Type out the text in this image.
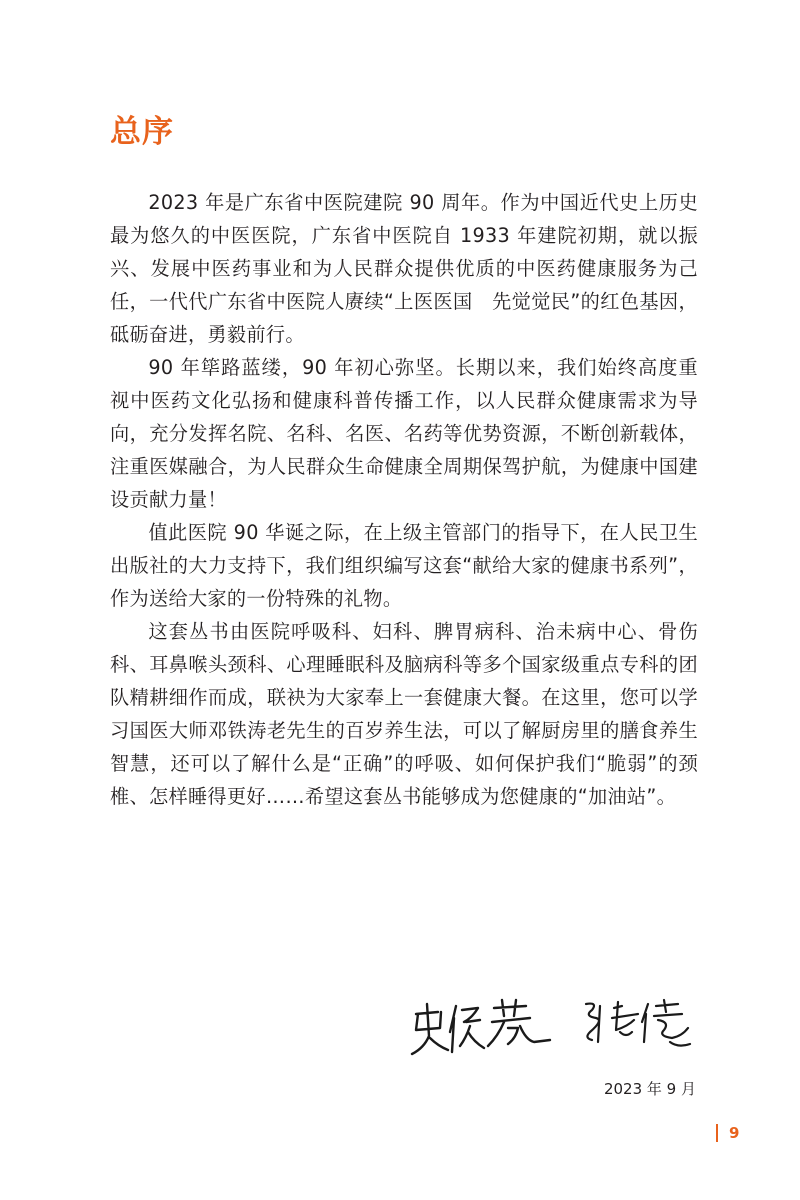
总序

2023 年是广东省中医院建院 90 周年。作为中国近代史上历史最为悠久的中医医院，广东省中医院自 1933 年建院初期，就以振兴、发展中医药事业和为人民群众提供优质的中医药健康服务为己任，一代代广东省中医院人赓续“上医医国　先觉觉民”的红色基因，砥砺奋进，勇毅前行。

90 年筚路蓝缕，90 年初心弥坚。长期以来，我们始终高度重视中医药文化弘扬和健康科普传播工作，以人民群众健康需求为导向，充分发挥名院、名科、名医、名药等优势资源，不断创新载体，注重医媒融合，为人民群众生命健康全周期保驾护航，为健康中国建设贡献力量！

值此医院 90 华诞之际，在上级主管部门的指导下，在人民卫生出版社的大力支持下，我们组织编写这套“献给大家的健康书系列”，作为送给大家的一份特殊的礼物。

这套丛书由医院呼吸科、妇科、脾胃病科、治未病中心、骨伤科、耳鼻喉头颈科、心理睡眠科及脑病科等多个国家级重点专科的团队精耕细作而成，联袂为大家奉上一套健康大餐。在这里，您可以学习国医大师邓铁涛老先生的百岁养生法，可以了解厨房里的膳食养生智慧，还可以了解什么是“正确”的呼吸、如何保护我们“脆弱”的颈椎、怎样睡得更好……希望这套丛书能够成为您健康的“加油站”。

2023 年 9 月
9
